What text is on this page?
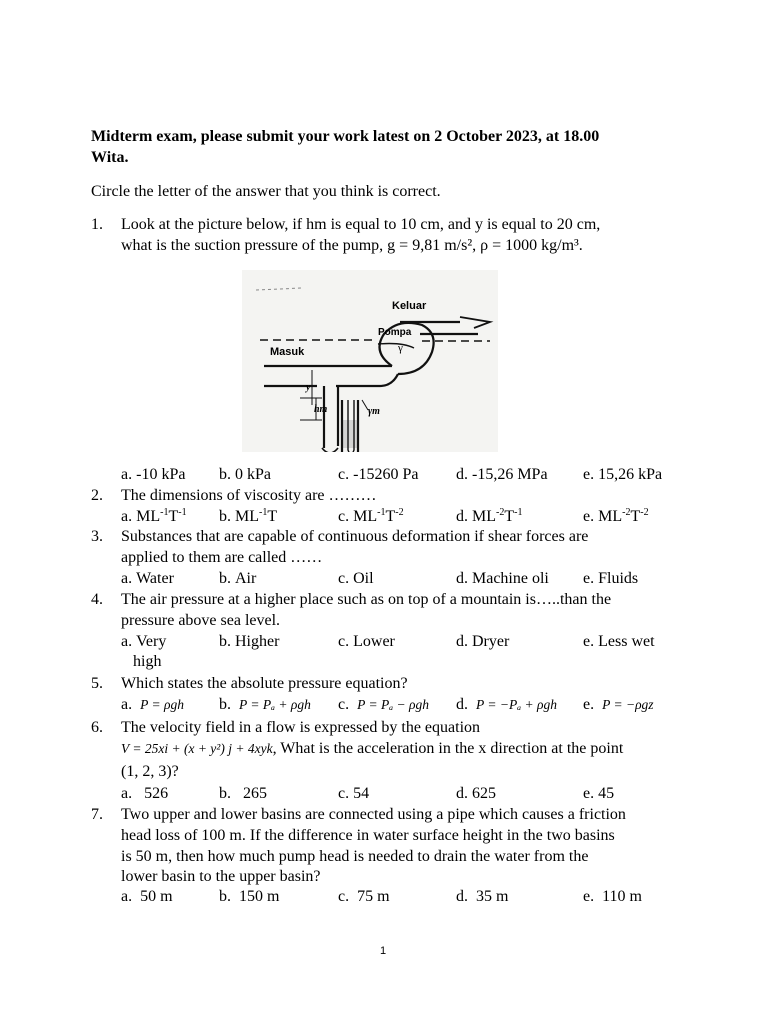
Midterm exam, please submit your work latest on 2 October 2023, at 18.00
Wita.
Circle the letter of the answer that you think is correct.
1. Look at the picture below, if hm is equal to 10 cm, and y is equal to 20 cm,
what is the suction pressure of the pump, g = 9,81 m/s², ρ = 1000 kg/m³.
Keluar
Pompa
γ
Masuk
y
hm	γm
a. -10 kPa b. 0 kPa	c. -15260 Pa d. -15,26 MPa e. 15,26 kPa
2. The dimensions of viscosity are ………
a. $ML^{-1}T^{-1}$ b. $ML^{-1}T$	c. $ML^{-1}T^{-2}$	d. $ML^{-2}T^{-1}$	e. $ML^{-2}T^{-2}$
3. Substances that are capable of continuous deformation if shear forces are
applied to them are called ……
a. Water	b. Air	c. Oil	d. Machine oli e. Fluids
4. The air pressure at a higher place such as on top of a mountain is…..than the
pressure above sea level.
a. Very
high
b. Higher	c. Lower	d. Dryer	e. Less wet
5. Which states the absolute pressure equation?
a. P = ρgh b. P = Pₐ + ρgh c. P = Pₐ − ρgh d. P = −Pₐ + ρgh e. P = −ρgz
6. The velocity field in a flow is expressed by the equation
V = 25xi + (x + y²) j + 4xyk, What is the acceleration in the x direction at the point
(1, 2, 3)?
a. 526	b. 265	c. 54	d. 625	e. 45
7. Two upper and lower basins are connected using a pipe which causes a friction
head loss of 100 m. If the difference in water surface height in the two basins
is 50 m, then how much pump head is needed to drain the water from the
lower basin to the upper basin?
a. 50 m	b. 150 m	c. 75 m	d. 35 m	e. 110 m
1
